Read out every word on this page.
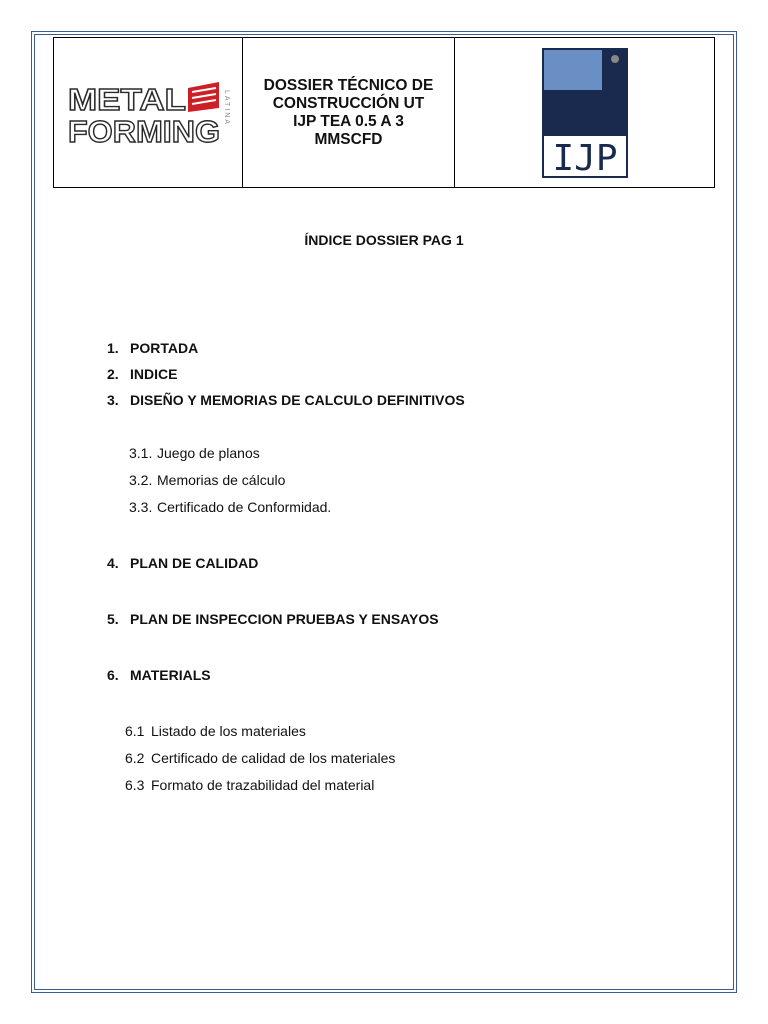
METAL
FORMING
LATINA

DOSSIER TÉCNICO DE
CONSTRUCCIÓN UT
IJP TEA 0.5 A 3
MMSCFD	IJP
ÍNDICE DOSSIER PAG 1
1. PORTADA
2. INDICE
3. DISEÑO Y MEMORIAS DE CALCULO DEFINITIVOS
3.1. Juego de planos
3.2. Memorias de cálculo
3.3. Certificado de Conformidad.
4. PLAN DE CALIDAD
5. PLAN DE INSPECCION PRUEBAS Y ENSAYOS
6. MATERIALS
6.1 Listado de los materiales
6.2 Certificado de calidad de los materiales
6.3 Formato de trazabilidad del material
